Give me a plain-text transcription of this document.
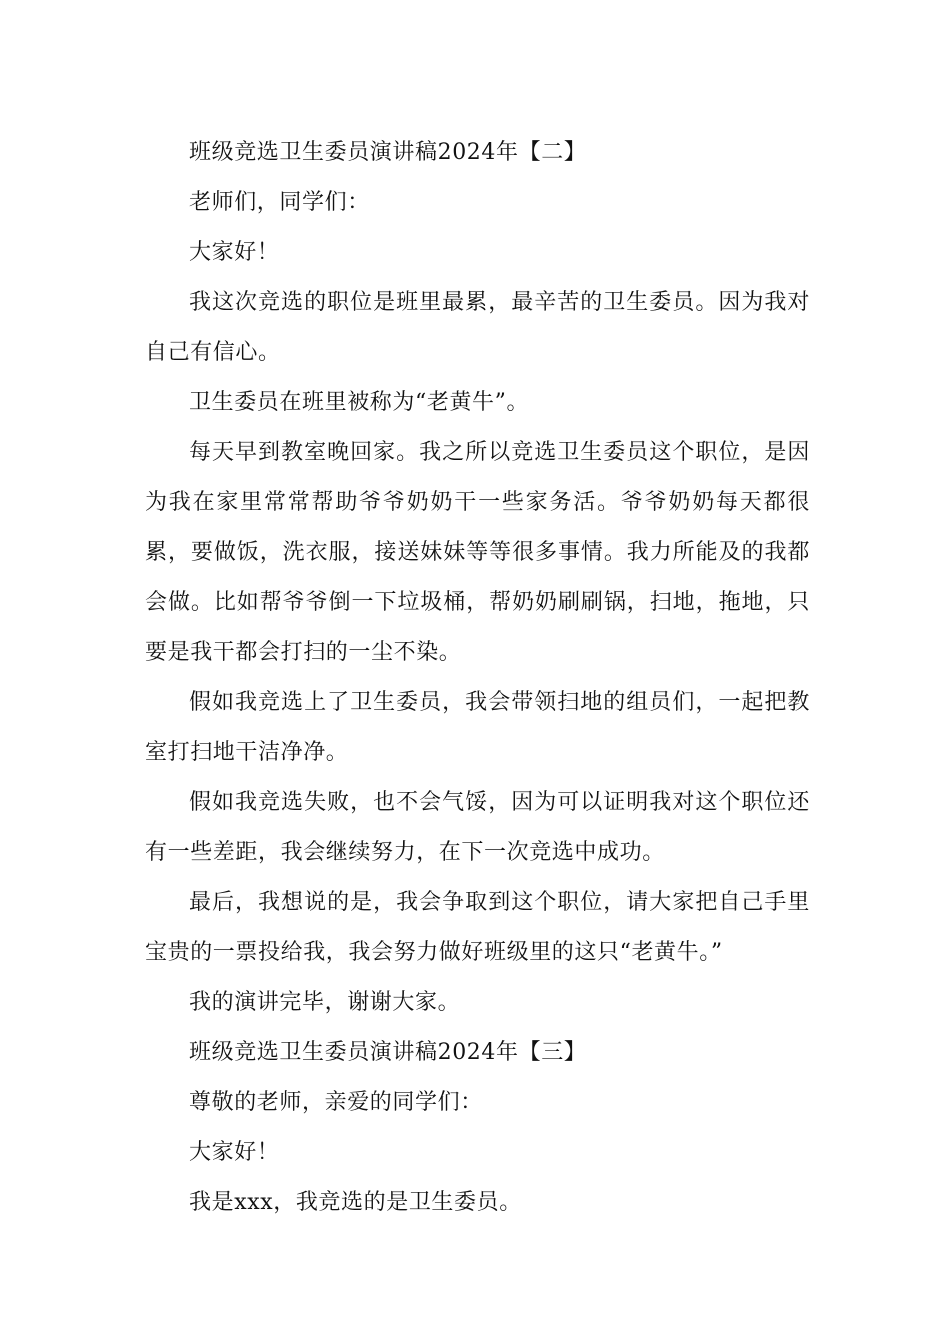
班级竞选卫生委员演讲稿2024年【二】

老师们，同学们：

大家好！

我这次竞选的职位是班里最累，最辛苦的卫生委员。因为我对自己有信心。

卫生委员在班里被称为“老黄牛”。

每天早到教室晚回家。我之所以竞选卫生委员这个职位，是因为我在家里常常帮助爷爷奶奶干一些家务活。爷爷奶奶每天都很累，要做饭，洗衣服，接送妹妹等等很多事情。我力所能及的我都会做。比如帮爷爷倒一下垃圾桶，帮奶奶刷刷锅，扫地，拖地，只要是我干都会打扫的一尘不染。

假如我竞选上了卫生委员，我会带领扫地的组员们，一起把教室打扫地干洁净净。

假如我竞选失败，也不会气馁，因为可以证明我对这个职位还有一些差距，我会继续努力，在下一次竞选中成功。

最后，我想说的是，我会争取到这个职位，请大家把自己手里宝贵的一票投给我，我会努力做好班级里的这只“老黄牛。”

我的演讲完毕，谢谢大家。

班级竞选卫生委员演讲稿2024年【三】

尊敬的老师，亲爱的同学们：

大家好！

我是xxx，我竞选的是卫生委员。
